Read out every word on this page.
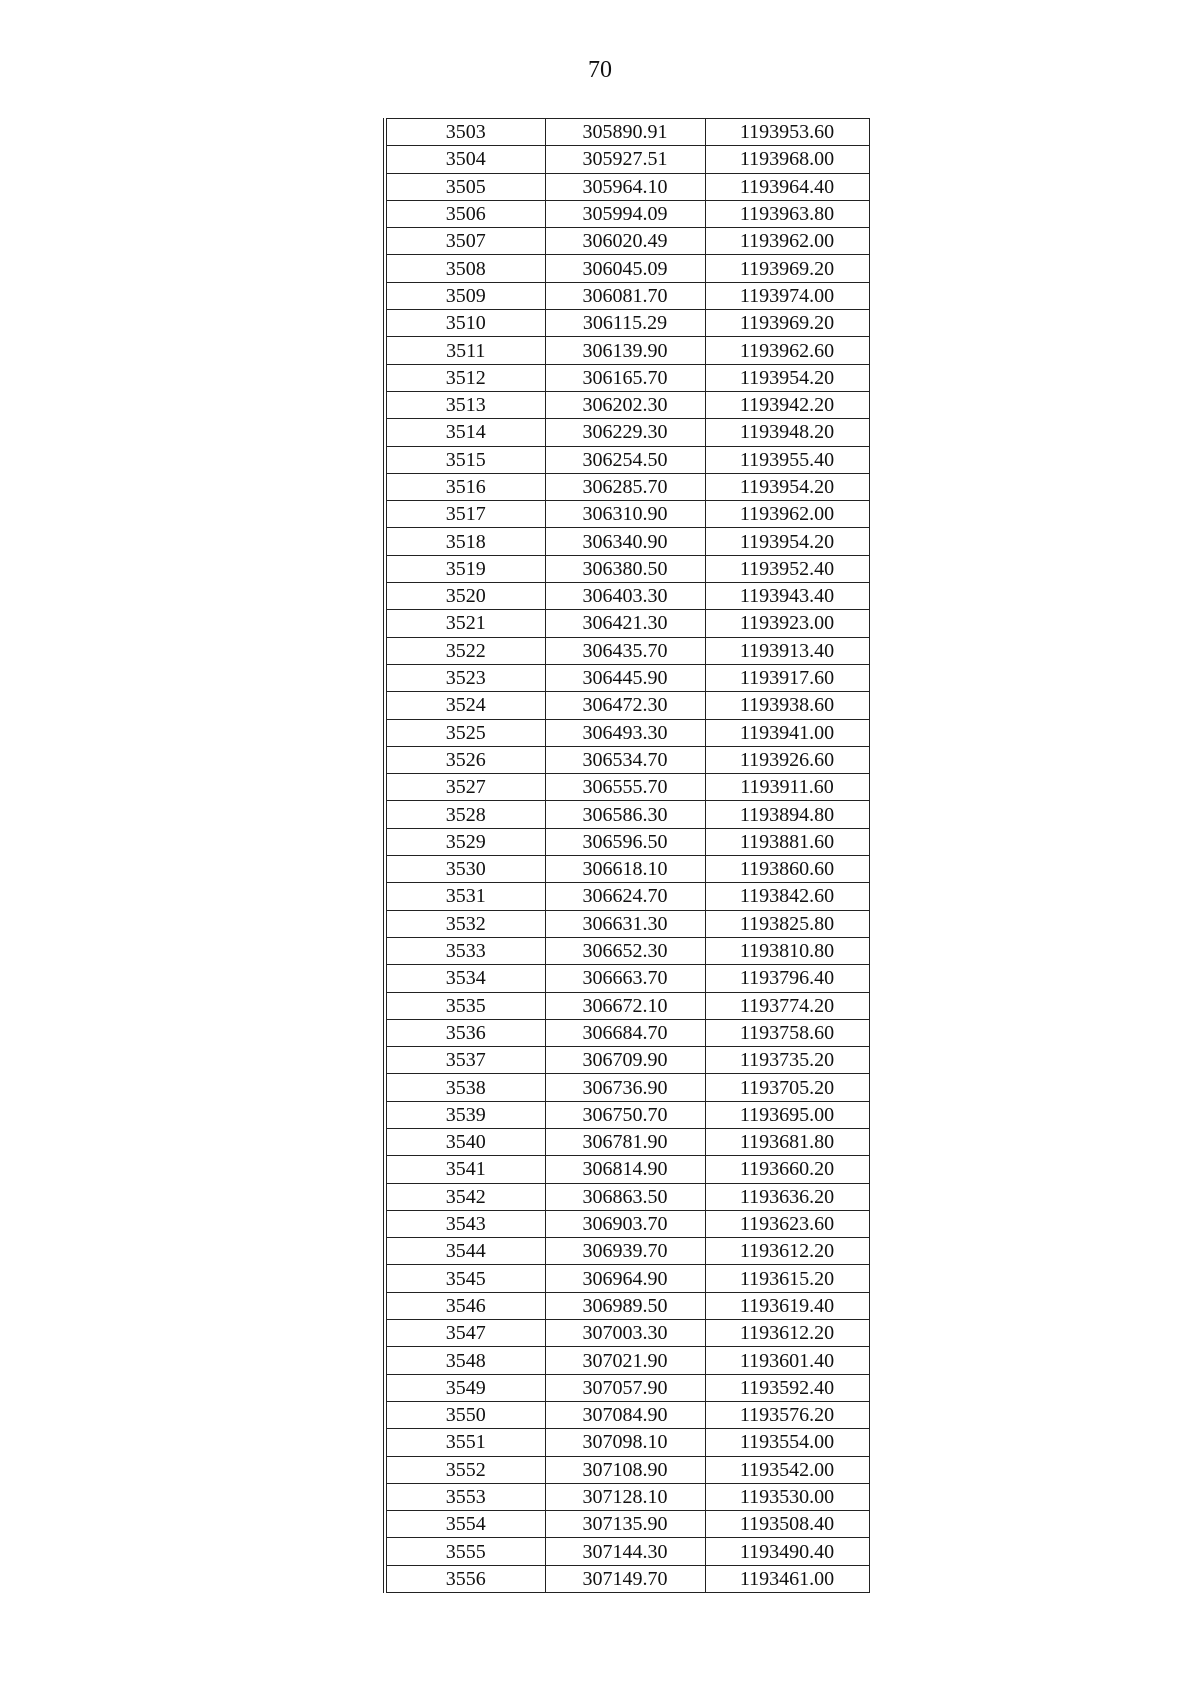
70
3503	305890.91	1193953.60
3504	305927.51	1193968.00
3505	305964.10	1193964.40
3506	305994.09	1193963.80
3507	306020.49	1193962.00
3508	306045.09	1193969.20
3509	306081.70	1193974.00
3510	306115.29	1193969.20
3511	306139.90	1193962.60
3512	306165.70	1193954.20
3513	306202.30	1193942.20
3514	306229.30	1193948.20
3515	306254.50	1193955.40
3516	306285.70	1193954.20
3517	306310.90	1193962.00
3518	306340.90	1193954.20
3519	306380.50	1193952.40
3520	306403.30	1193943.40
3521	306421.30	1193923.00
3522	306435.70	1193913.40
3523	306445.90	1193917.60
3524	306472.30	1193938.60
3525	306493.30	1193941.00
3526	306534.70	1193926.60
3527	306555.70	1193911.60
3528	306586.30	1193894.80
3529	306596.50	1193881.60
3530	306618.10	1193860.60
3531	306624.70	1193842.60
3532	306631.30	1193825.80
3533	306652.30	1193810.80
3534	306663.70	1193796.40
3535	306672.10	1193774.20
3536	306684.70	1193758.60
3537	306709.90	1193735.20
3538	306736.90	1193705.20
3539	306750.70	1193695.00
3540	306781.90	1193681.80
3541	306814.90	1193660.20
3542	306863.50	1193636.20
3543	306903.70	1193623.60
3544	306939.70	1193612.20
3545	306964.90	1193615.20
3546	306989.50	1193619.40
3547	307003.30	1193612.20
3548	307021.90	1193601.40
3549	307057.90	1193592.40
3550	307084.90	1193576.20
3551	307098.10	1193554.00
3552	307108.90	1193542.00
3553	307128.10	1193530.00
3554	307135.90	1193508.40
3555	307144.30	1193490.40
3556	307149.70	1193461.00
